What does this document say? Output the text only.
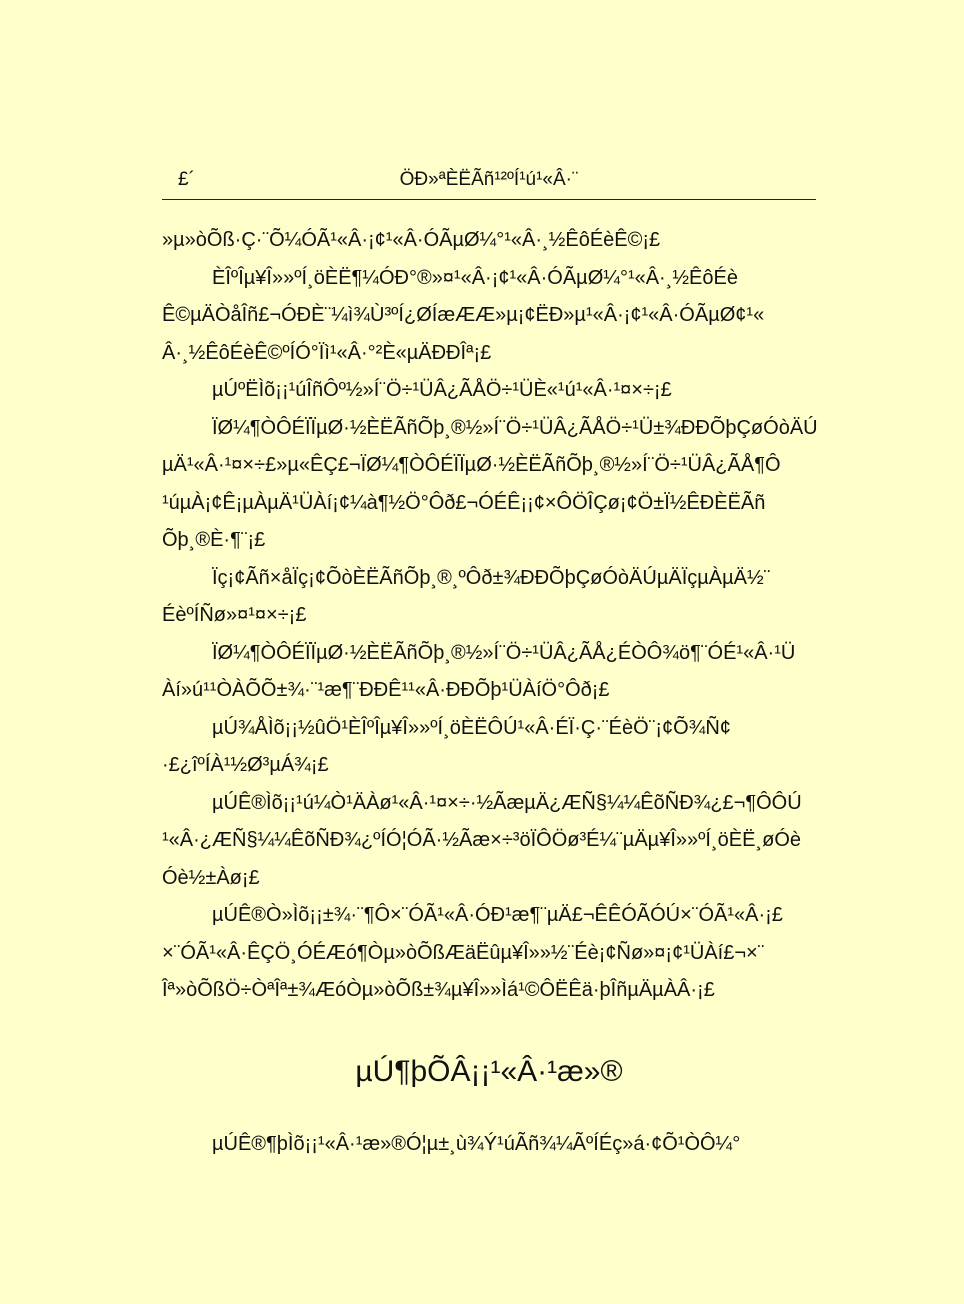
£´	ÖÐ»ªÈËÃñ¹²ºÍ¹ú¹«Â·¨

»µ»òÕß·Ç·¨Õ¼ÓÃ¹«Â·¡¢¹«Â·ÓÃµØ¼°¹«Â·¸½ÊôÉèÊ©¡£

ÈÎºÎµ¥Î»»ºÍ¸öÈË¶¼ÓÐ°®»¤¹«Â·¡¢¹«Â·ÓÃµØ¼°¹«Â·¸½ÊôÉè
Ê©µÄÒåÎñ£¬ÓÐÈ¨¼ì¾Ù³ºÍ¿ØÍæÆÆ»µ¡¢ËÐ»µ¹«Â·¡¢¹«Â·ÓÃµØ¢¹«
Â·¸½ÊôÉèÊ©ºÍÓ°Ïì¹«Â·°²È«µÄÐÐÎª¡£

µÚºËÌõ¡¡¹úÎñÔº½»Í¨Ö÷¹ÜÂ¿ÃÅÖ÷¹ÜÈ«¹ú¹«Â·¹¤×÷¡£

ÏØ¼¶ÒÔÉÏÏµØ·½ÈËÃñÕþ¸®½»Í¨Ö÷¹ÜÂ¿ÃÅÖ÷¹Ü±¾ÐÐÕþÇøÓòÄÚ
µÄ¹«Â·¹¤×÷£»µ«ÊÇ£¬ÏØ¼¶ÒÔÉÏÏµØ·½ÈËÃñÕþ¸®½»Í¨Ö÷¹ÜÂ¿ÃÅ¶Ô
¹úµÀ¡¢Ê¡µÀµÄ¹ÜÀí¡¢¼à¶½Ö°Ôð£¬ÓÉÊ¡¡¢×ÔÖÎÇø¡¢Ö±Ï½ÊÐÈËÃñ
Õþ¸®È·¶¨¡£

Ïç¡¢Ãñ×åÏç¡¢ÕòÈËÃñÕþ¸®¸ºÔð±¾ÐÐÕþÇøÓòÄÚµÄÏçµÀµÄ½¨
ÉèºÍÑø»¤¹¤×÷¡£

ÏØ¼¶ÒÔÉÏÏµØ·½ÈËÃñÕþ¸®½»Í¨Ö÷¹ÜÂ¿ÃÅ¿ÉÒÔ¾ö¶¨ÓÉ¹«Â·¹Ü
Àí»ú¹¹ÒÀÕÕ±¾·¨¹æ¶¨ÐÐÊ¹¹«Â·ÐÐÕþ¹ÜÀíÖ°Ôð¡£

µÚ¾ÅÌõ¡¡½ûÖ¹ÈÎºÎµ¥Î»»ºÍ¸öÈËÔÚ¹«Â·ÉÏ·Ç·¨ÉèÖ¨¡¢Õ¾Ñ¢
·£¿îºÍÀ¹½Ø³µÁ¾¡£

µÚÊ®Ìõ¡¡¹ú¼Ò¹ÄÀø¹«Â·¹¤×÷·½ÃæµÄ¿ÆÑ§¼¼ÊõÑÐ¾¿£¬¶ÔÔÚ
¹«Â·¿ÆÑ§¼¼ÊõÑÐ¾¿ºÍÓ¦ÓÃ·½Ãæ×÷³öÏÔÖø³É¼¨µÄµ¥Î»»ºÍ¸öÈË¸øÓè
Óè½±Àø¡£

µÚÊ®Ò»Ìõ¡¡±¾·¨¶Ô×¨ÓÃ¹«Â·ÓÐ¹æ¶¨µÄ£¬ÊÊÓÃÓÚ×¨ÓÃ¹«Â·¡£
×¨ÓÃ¹«Â·ÊÇÖ¸ÓÉÆó¶Òµ»òÕßÆäËûµ¥Î»»½¨Éè¡¢Ñø»¤¡¢¹ÜÀí£¬×¨
Îª»òÕßÖ÷ÒªÎª±¾ÆóÒµ»òÕß±¾µ¥Î»»Ìá¹©ÔËÊä·þÎñµÄµÀÂ·¡£

µÚ¶þÕÂ¡¡¹«Â·¹æ»®

µÚÊ®¶þÌõ¡¡¹«Â·¹æ»®Ó¦µ±¸ù¾Ý¹úÃñ¾¼ÃºÍÉç»á·¢Õ¹ÒÔ¼°
